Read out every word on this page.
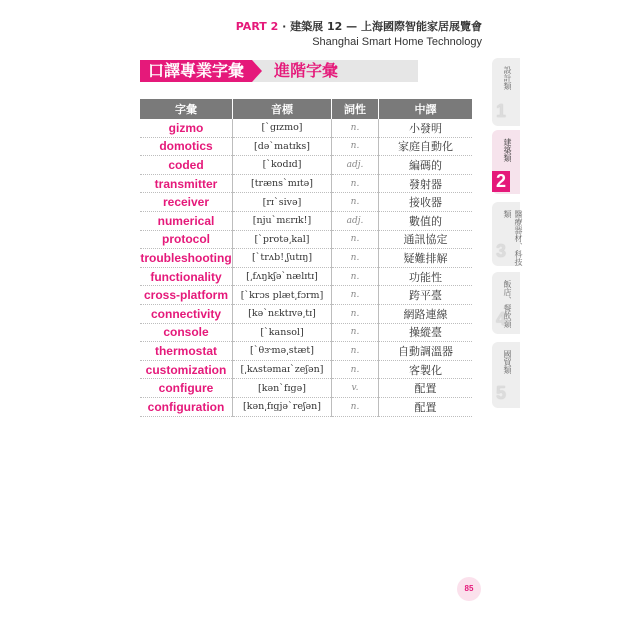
PART 2 · 建築展 12 — 上海國際智能家居展覽會
Shanghai Smart Home Technology
口譯專業字彙	進階字彙
字彙	音標	詞性	中譯
gizmo	[ˋgɪzmo]	n.	小發明
domotics	[dəˋmatɪks]	n.	家庭自動化
coded	[ˋkodɪd]	adj.	編碼的
transmitter	[trænsˋmɪtə]	n.	發射器
receiver	[rɪˋsivə]	n.	接收器
numerical	[njuˋmɛrɪk!]	adj.	數值的
protocol	[ˋprotə͵kal]	n.	通訊協定
troubleshooting	[ˋtrʌb!͵ʃutɪŋ]	n.	疑難排解
functionality	[͵fʌŋkʃəˋnælɪtɪ]	n.	功能性
cross-platform	[ˋkrɔs plæt͵fɔrm]	n.	跨平臺
connectivity	[kəˋnɛktɪvə͵tɪ]	n.	網路連線
console	[ˋkansol]	n.	操縱臺
thermostat	[ˋθɝmə͵stæt]	n.	自動調溫器
customization	[͵kʌstəmaɪˋzeʃən]	n.	客製化
configure	[kənˋfɪgə]	v.	配置
configuration	[kən͵fɪgjəˋreʃən]	n.	配置
設計類
1
建築類
2
醫療器材、科技類
3
飯店、餐飲類
4
國貿類
5
85
